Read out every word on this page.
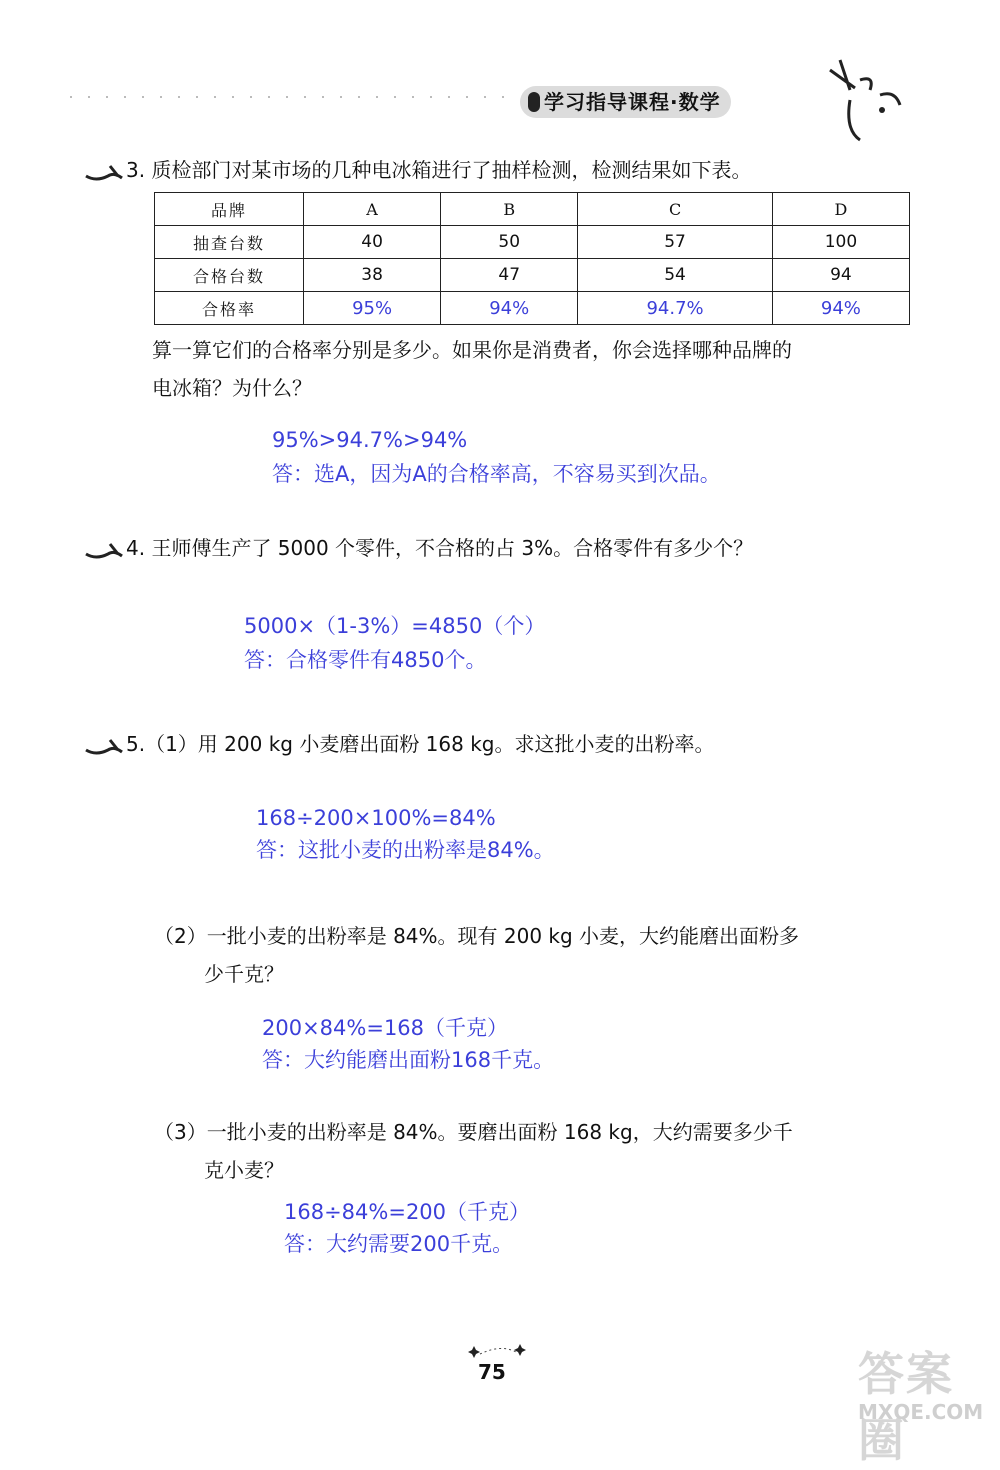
学习指导课程·数学
3. 质检部门对某市场的几种电冰箱进行了抽样检测，检测结果如下表。
品牌	A	B	C	D
抽查台数	40	50	57	100
合格台数	38	47	54	94
合格率	95%	94%	94.7%	94%
算一算它们的合格率分别是多少。如果你是消费者，你会选择哪种品牌的
电冰箱？为什么？
95%>94.7%>94%
答：选A，因为A的合格率高，不容易买到次品。
4. 王师傅生产了 5000 个零件，不合格的占 3%。合格零件有多少个？
5000×（1-3%）=4850（个）
答：合格零件有4850个。
5.（1）用 200 kg 小麦磨出面粉 168 kg。求这批小麦的出粉率。
168÷200×100%=84%
答：这批小麦的出粉率是84%。
（2）一批小麦的出粉率是 84%。现有 200 kg 小麦，大约能磨出面粉多
少千克？
200×84%=168（千克）
答：大约能磨出面粉168千克。
（3）一批小麦的出粉率是 84%。要磨出面粉 168 kg，大约需要多少千
克小麦？
168÷84%=200（千克）
答：大约需要200千克。
75	答案圈
MXQE.COM
